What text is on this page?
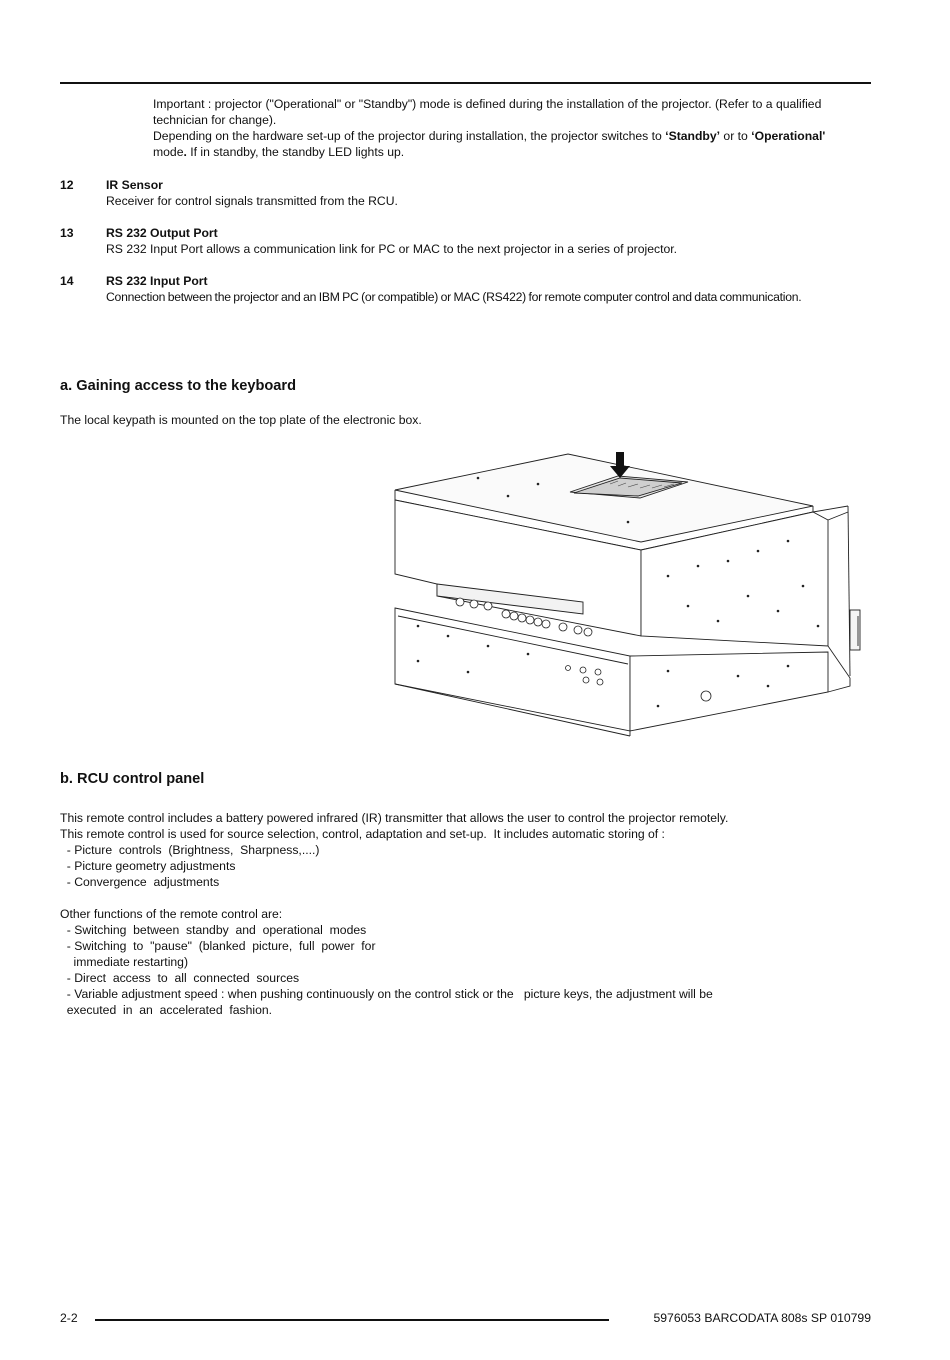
Important : projector ("Operational" or "Standby") mode is defined during the installation of the projector. (Refer to a qualified

technician for change).

Depending on the hardware set-up of the projector during installation, the projector switches to ‘Standby’ or to ‘Operational'

mode. If in standby, the standby LED lights up.

12	IR Sensor
Receiver for control signals transmitted from the RCU.
13	RS 232 Output Port
RS 232 Input Port allows a communication link for PC or MAC to the next projector in a series of projector.
14	RS 232 Input Port
Connection between the projector and an IBM PC (or compatible) or MAC (RS422) for remote computer control and data communication.
a. Gaining access to the keyboard
The local keypath is mounted on the top plate of the electronic box.
b. RCU control panel
This remote control includes a battery powered infrared (IR) transmitter that allows the user to control the projector remotely.
This remote control is used for source selection, control, adaptation and set-up.  It includes automatic storing of :
- Picture  controls  (Brightness,  Sharpness,....)
- Picture geometry adjustments
- Convergence  adjustments
Other functions of the remote control are:
- Switching  between  standby  and  operational  modes
- Switching  to  "pause"  (blanked  picture,  full  power  for
immediate restarting)
- Direct  access  to  all  connected  sources
- Variable adjustment speed : when pushing continuously on the control stick or the   picture keys, the adjustment will be
executed  in  an  accelerated  fashion.
2-2	5976053 BARCODATA 808s SP 010799
